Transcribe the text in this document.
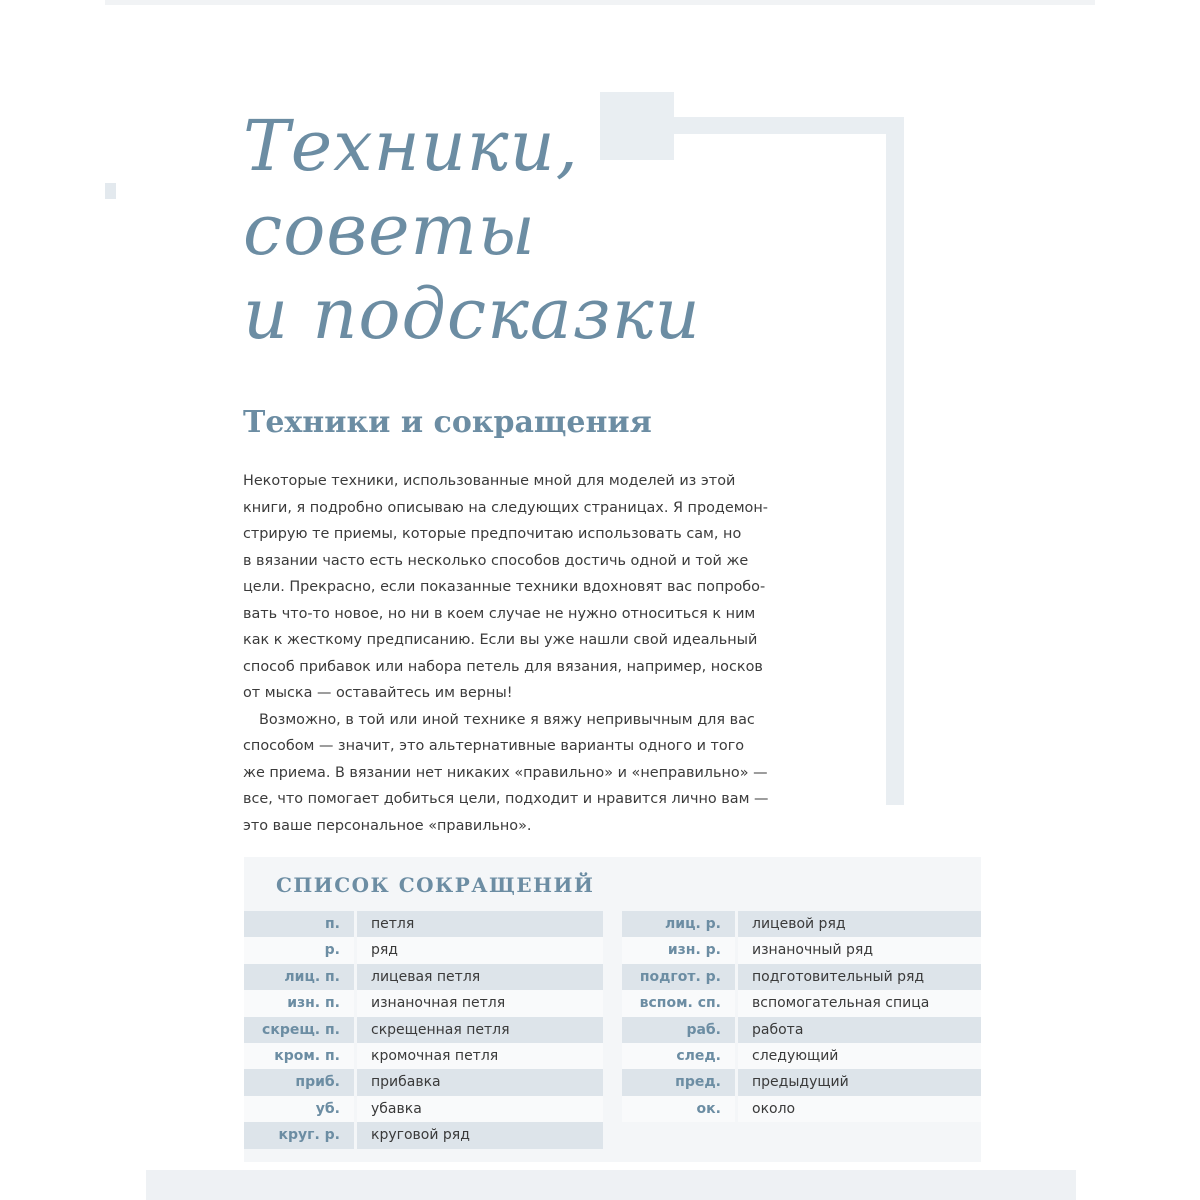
Техники,
советы
и подсказки
Техники и сокращения
Некоторые техники, использованные мной для моделей из этой
книги, я подробно описываю на следующих страницах. Я продемон-
стрирую те приемы, которые предпочитаю использовать сам, но
в вязании часто есть несколько способов достичь одной и той же
цели. Прекрасно, если показанные техники вдохновят вас попробо-
вать что-то новое, но ни в коем случае не нужно относиться к ним
как к жесткому предписанию. Если вы уже нашли свой идеальный
способ прибавок или набора петель для вязания, например, носков
от мыска — оставайтесь им верны!
Возможно, в той или иной технике я вяжу непривычным для вас
способом — значит, это альтернативные варианты одного и того
же приема. В вязании нет никаких «правильно» и «неправильно» —
все, что помогает добиться цели, подходит и нравится лично вам —
это ваше персональное «правильно».
СПИСОК СОКРАЩЕНИЙ
п.	петля
р.	ряд
лиц. п.	лицевая петля
изн. п.	изнаночная петля
скрещ. п.	скрещенная петля
кром. п.	кромочная петля
приб.	прибавка
уб.	убавка
круг. р.	круговой ряд
лиц. р.	лицевой ряд
изн. р.	изнаночный ряд
подгот. р.	подготовительный ряд
вспом. сп.	вспомогательная спица
раб.	работа
след.	следующий
пред.	предыдущий
ок.	около
